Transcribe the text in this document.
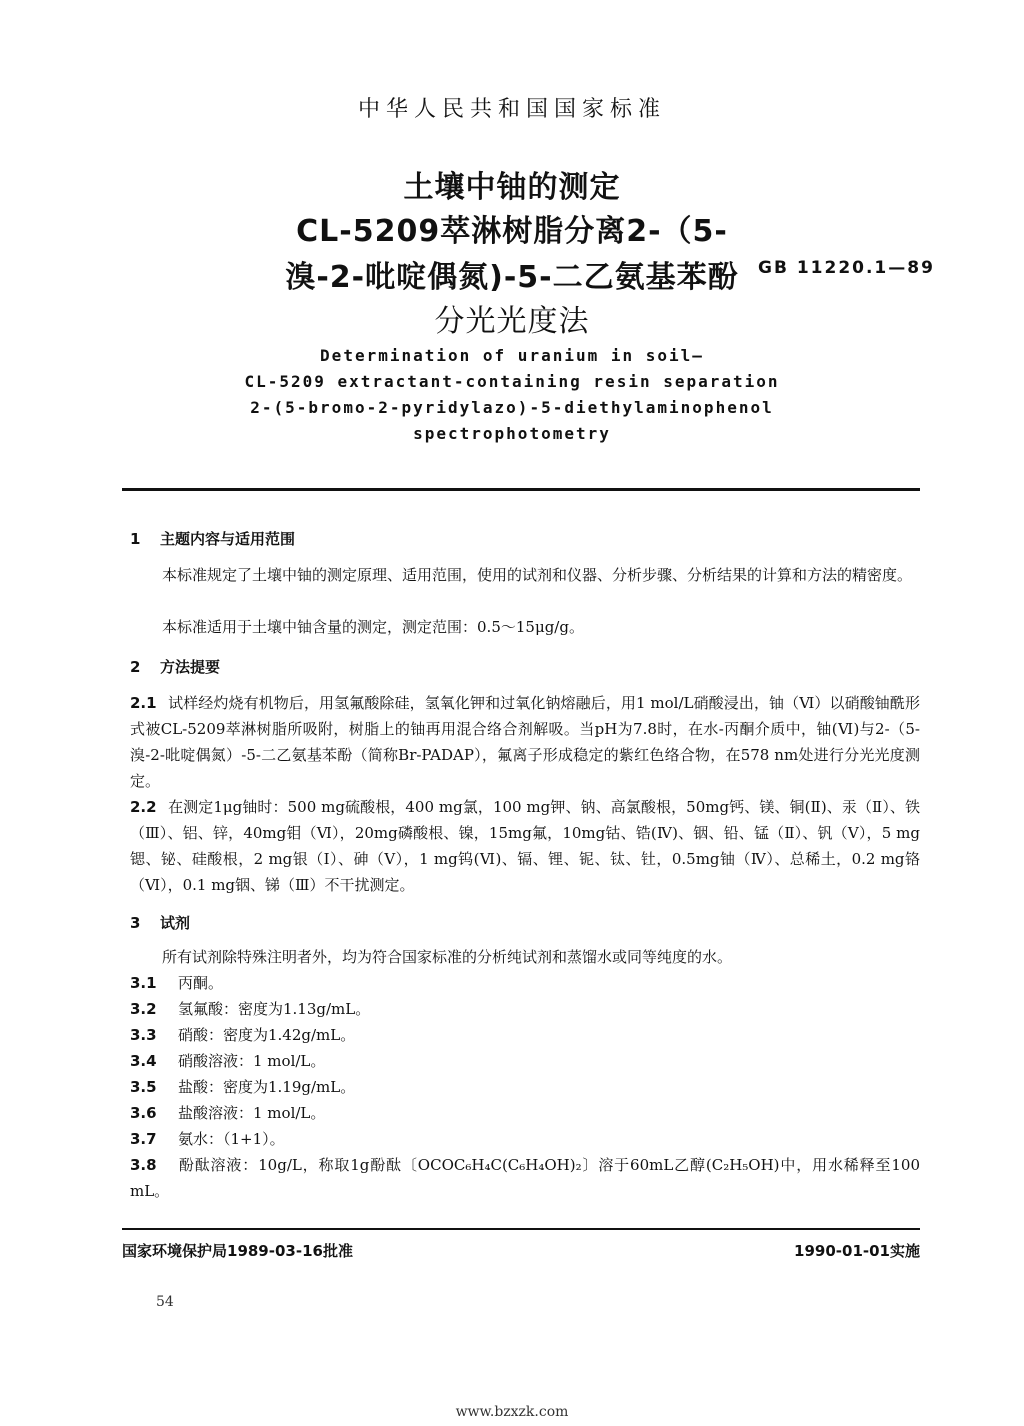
中华人民共和国国家标准
土壤中铀的测定
CL-5209萃淋树脂分离2-（5-
溴-2-吡啶偶氮)-5-二乙氨基苯酚
分光光度法
GB 11220.1—89
Determination of uranium in soil—
CL-5209 extractant-containing resin separation
2-(5-bromo-2-pyridylazo)-5-diethylaminophenol
spectrophotometry
1 主题内容与适用范围
本标准规定了土壤中铀的测定原理、适用范围，使用的试剂和仪器、分析步骤、分析结果的计算和方法的精密度。
本标准适用于土壤中铀含量的测定，测定范围：0.5～15μg/g。
2 方法提要
2.1 试样经灼烧有机物后，用氢氟酸除硅，氢氧化钾和过氧化钠熔融后，用1 mol/L硝酸浸出，铀（Ⅵ）以硝酸铀酰形式被CL-5209萃淋树脂所吸附，树脂上的铀再用混合络合剂解吸。当pH为7.8时，在水-丙酮介质中，铀(Ⅵ)与2-（5-溴-2-吡啶偶氮）-5-二乙氨基苯酚（简称Br-PADAP），氟离子形成稳定的紫红色络合物，在578 nm处进行分光光度测定。
2.2 在测定1μg铀时：500 mg硫酸根，400 mg氯，100 mg钾、钠、高氯酸根，50mg钙、镁、铜(Ⅱ)、汞（Ⅱ）、铁（Ⅲ）、铝、锌，40mg钼（Ⅵ），20mg磷酸根、镍，15mg氟，10mg钴、锆(Ⅳ)、铟、铅、锰（Ⅱ）、钒（Ⅴ），5 mg锶、铋、硅酸根，2 mg银（Ⅰ）、砷（Ⅴ），1 mg钨(Ⅵ)、镉、锂、铌、钛、钍，0.5mg铀（Ⅳ）、总稀土，0.2 mg铬（Ⅵ），0.1 mg铟、锑（Ⅲ）不干扰测定。
3 试剂
所有试剂除特殊注明者外，均为符合国家标准的分析纯试剂和蒸馏水或同等纯度的水。
3.1 丙酮。
3.2 氢氟酸：密度为1.13g/mL。
3.3 硝酸：密度为1.42g/mL。
3.4 硝酸溶液：1 mol/L。
3.5 盐酸：密度为1.19g/mL。
3.6 盐酸溶液：1 mol/L。
3.7 氨水：（1+1）。
3.8 酚酞溶液：10g/L，称取1g酚酞〔OCOC₆H₄C(C₆H₄OH)₂〕溶于60mL乙醇(C₂H₅OH)中，用水稀释至100 mL。
国家环境保护局1989-03-16批准	1990-01-01实施
54
www.bzxzk.com
